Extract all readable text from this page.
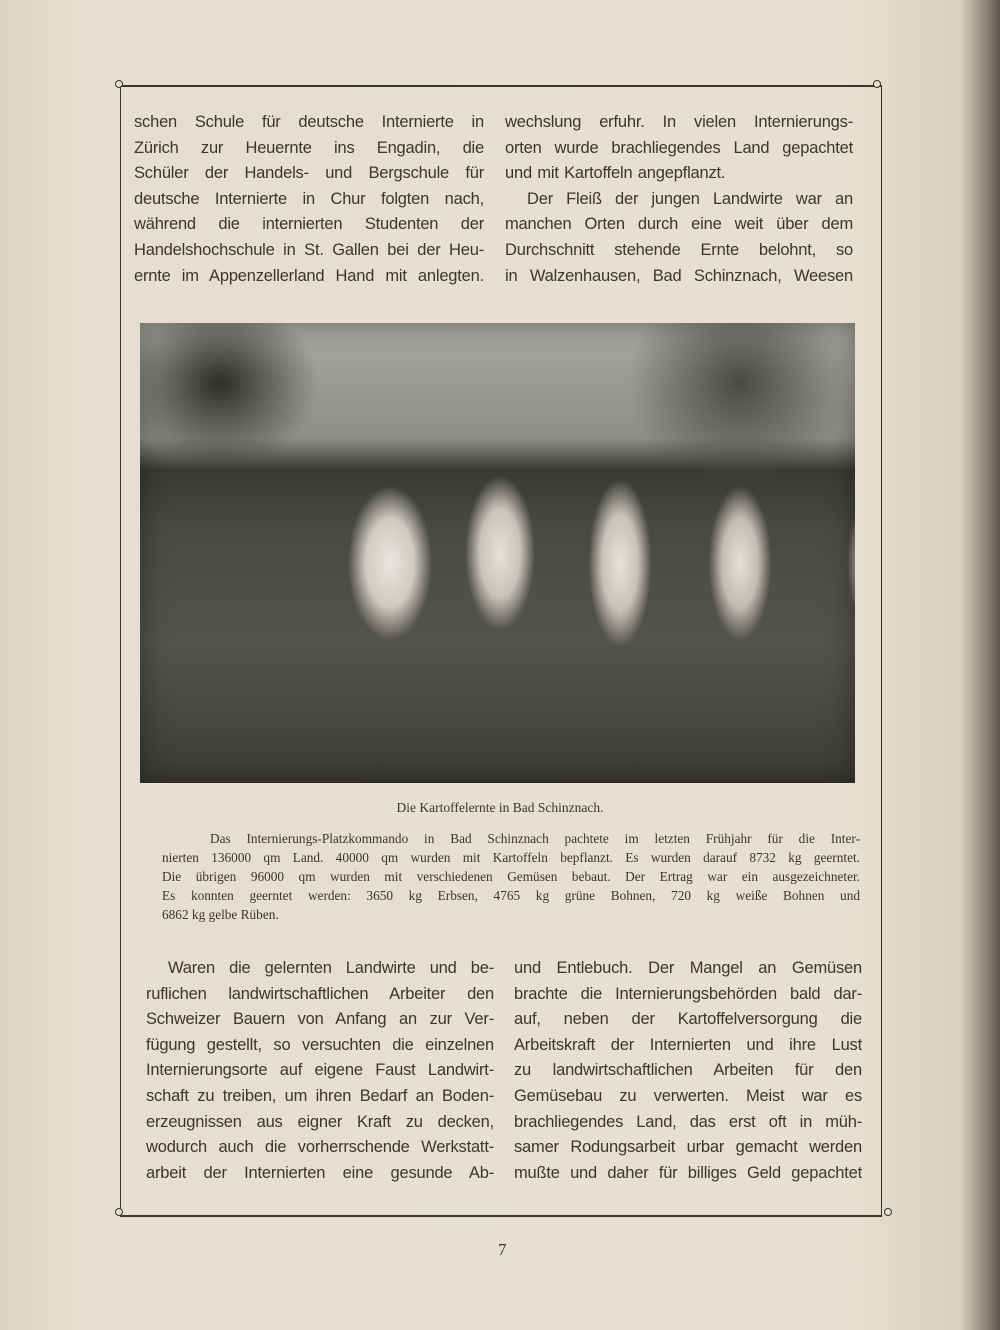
schen Schule für deutsche Internierte in
Zürich zur Heuernte ins Engadin, die
Schüler der Handels- und Bergschule für
deutsche Internierte in Chur folgten nach,
während die internierten Studenten der
Handelshochschule in St. Gallen bei der Heu-
ernte im Appenzellerland Hand mit anlegten.
wechslung erfuhr. In vielen Internierungs-
orten wurde brachliegendes Land gepachtet
und mit Kartoffeln angepflanzt.
Der Fleiß der jungen Landwirte war an
manchen Orten durch eine weit über dem
Durchschnitt stehende Ernte belohnt, so
in Walzenhausen, Bad Schinznach, Weesen
Die Kartoffelernte in Bad Schinznach.
Das Internierungs-Platzkommando in Bad Schinznach pachtete im letzten Frühjahr für die Inter-
nierten 136000 qm Land. 40000 qm wurden mit Kartoffeln bepflanzt. Es wurden darauf 8732 kg geerntet.
Die übrigen 96000 qm wurden mit verschiedenen Gemüsen bebaut. Der Ertrag war ein ausgezeichneter.
Es konnten geerntet werden: 3650 kg Erbsen, 4765 kg grüne Bohnen, 720 kg weiße Bohnen und
6862 kg gelbe Rüben.
Waren die gelernten Landwirte und be-
ruflichen landwirtschaftlichen Arbeiter den
Schweizer Bauern von Anfang an zur Ver-
fügung gestellt, so versuchten die einzelnen
Internierungsorte auf eigene Faust Landwirt-
schaft zu treiben, um ihren Bedarf an Boden-
erzeugnissen aus eigner Kraft zu decken,
wodurch auch die vorherrschende Werkstatt-
arbeit der Internierten eine gesunde Ab-
und Entlebuch. Der Mangel an Gemüsen
brachte die Internierungsbehörden bald dar-
auf, neben der Kartoffelversorgung die
Arbeitskraft der Internierten und ihre Lust
zu landwirtschaftlichen Arbeiten für den
Gemüsebau zu verwerten. Meist war es
brachliegendes Land, das erst oft in müh-
samer Rodungsarbeit urbar gemacht werden
mußte und daher für billiges Geld gepachtet
7
